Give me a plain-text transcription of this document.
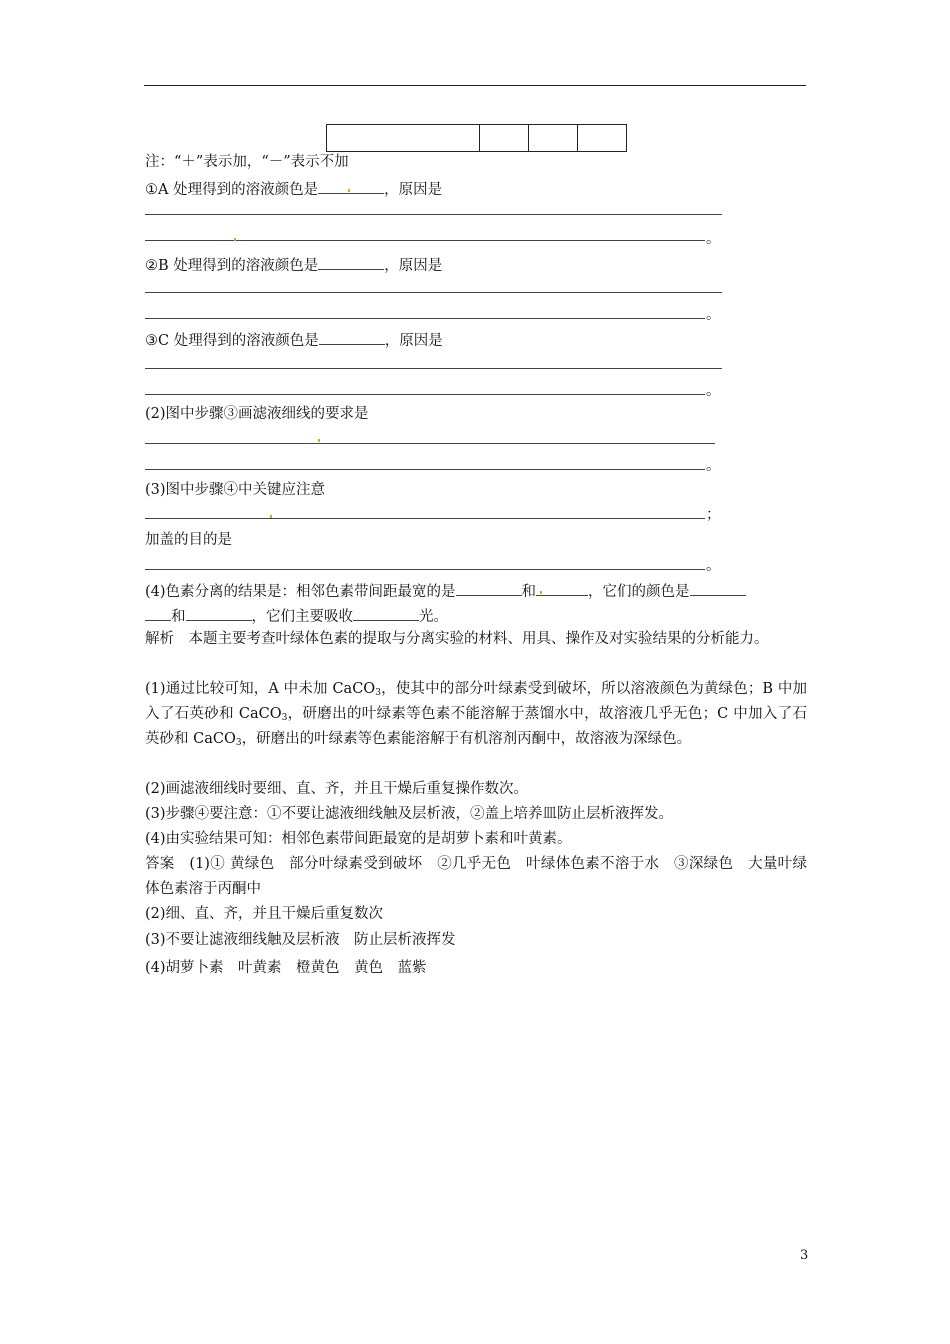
注：“＋”表示加，“－”表示不加
①A 处理得到的溶液颜色是	，原因是
。
②B 处理得到的溶液颜色是	，原因是
。
③C 处理得到的溶液颜色是	，原因是
。
(2)图中步骤③画滤液细线的要求是
。
(3)图中步骤④中关键应注意
；
加盖的目的是
。
(4)色素分离的结果是：相邻色素带间距最宽的是	和	，它们的颜色是
和	，它们主要吸收	光。
解析　本题主要考查叶绿体色素的提取与分离实验的材料、用具、操作及对实验结果的分析能力。
(1)通过比较可知，A 中未加 CaCO$_3$，使其中的部分叶绿素受到破坏，所以溶液颜色为黄绿色；B 中加入了石英砂和 CaCO$_3$，研磨出的叶绿素等色素不能溶解于蒸馏水中，故溶液几乎无色；C 中加入了石英砂和 CaCO$_3$，研磨出的叶绿素等色素能溶解于有机溶剂丙酮中，故溶液为深绿色。
(2)画滤液细线时要细、直、齐，并且干燥后重复操作数次。
(3)步骤④要注意：①不要让滤液细线触及层析液，②盖上培养皿防止层析液挥发。
(4)由实验结果可知：相邻色素带间距最宽的是胡萝卜素和叶黄素。
答案　(1)① 黄绿色　部分叶绿素受到破坏　②几乎无色　叶绿体色素不溶于水　③深绿色　大量叶绿体色素溶于丙酮中
(2)细、直、齐，并且干燥后重复数次
(3)不要让滤液细线触及层析液　防止层析液挥发
(4)胡萝卜素　叶黄素　橙黄色　黄色　蓝紫
3
